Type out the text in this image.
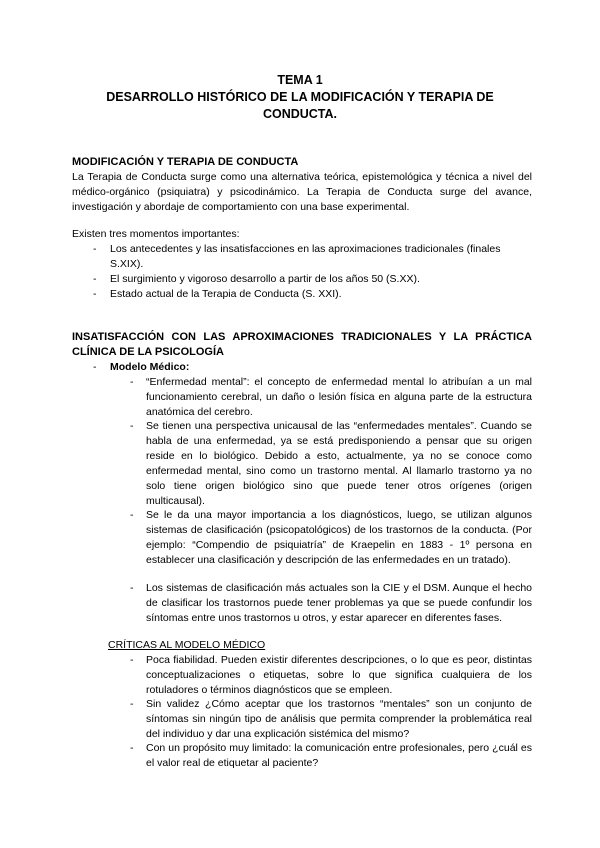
TEMA 1
DESARROLLO HISTÓRICO DE LA MODIFICACIÓN Y TERAPIA DE
CONDUCTA.
MODIFICACIÓN Y TERAPIA DE CONDUCTA
La Terapia de Conducta surge como una alternativa teórica, epistemológica y técnica a nivel del médico-orgánico (psiquiatra) y psicodinámico. La Terapia de Conducta surge del avance, investigación y abordaje de comportamiento con una base experimental.
Existen tres momentos importantes:
- Los antecedentes y las insatisfacciones en las aproximaciones tradicionales (finales S.XIX).
- El surgimiento y vigoroso desarrollo a partir de los años 50 (S.XX).
- Estado actual de la Terapia de Conducta (S. XXI).
INSATISFACCIÓN CON LAS APROXIMACIONES TRADICIONALES Y LA PRÁCTICA CLÍNICA DE LA PSICOLOGÍA
- Modelo Médico:
- “Enfermedad mental”: el concepto de enfermedad mental lo atribuían a un mal funcionamiento cerebral, un daño o lesión física en alguna parte de la estructura anatómica del cerebro.
- Se tienen una perspectiva unicausal de las “enfermedades mentales”. Cuando se habla de una enfermedad, ya se está predisponiendo a pensar que su origen reside en lo biológico. Debido a esto, actualmente, ya no se conoce como enfermedad mental, sino como un trastorno mental. Al llamarlo trastorno ya no solo tiene origen biológico sino que puede tener otros orígenes (origen multicausal).
- Se le da una mayor importancia a los diagnósticos, luego, se utilizan algunos sistemas de clasificación (psicopatológicos) de los trastornos de la conducta. (Por ejemplo: “Compendio de psiquiatría” de Kraepelin en 1883 - 1º persona en establecer una clasificación y descripción de las enfermedades en un tratado).
- Los sistemas de clasificación más actuales son la CIE y el DSM. Aunque el hecho de clasificar los trastornos puede tener problemas ya que se puede confundir los síntomas entre unos trastornos u otros, y estar aparecer en diferentes fases.
CRÍTICAS AL MODELO MÉDICO
- Poca fiabilidad. Pueden existir diferentes descripciones, o lo que es peor, distintas conceptualizaciones o etiquetas, sobre lo que significa cualquiera de los rotuladores o términos diagnósticos que se empleen.
- Sin validez ¿Cómo aceptar que los trastornos “mentales” son un conjunto de síntomas sin ningún tipo de análisis que permita comprender la problemática real del individuo y dar una explicación sistémica del mismo?
- Con un propósito muy limitado: la comunicación entre profesionales, pero ¿cuál es el valor real de etiquetar al paciente?
